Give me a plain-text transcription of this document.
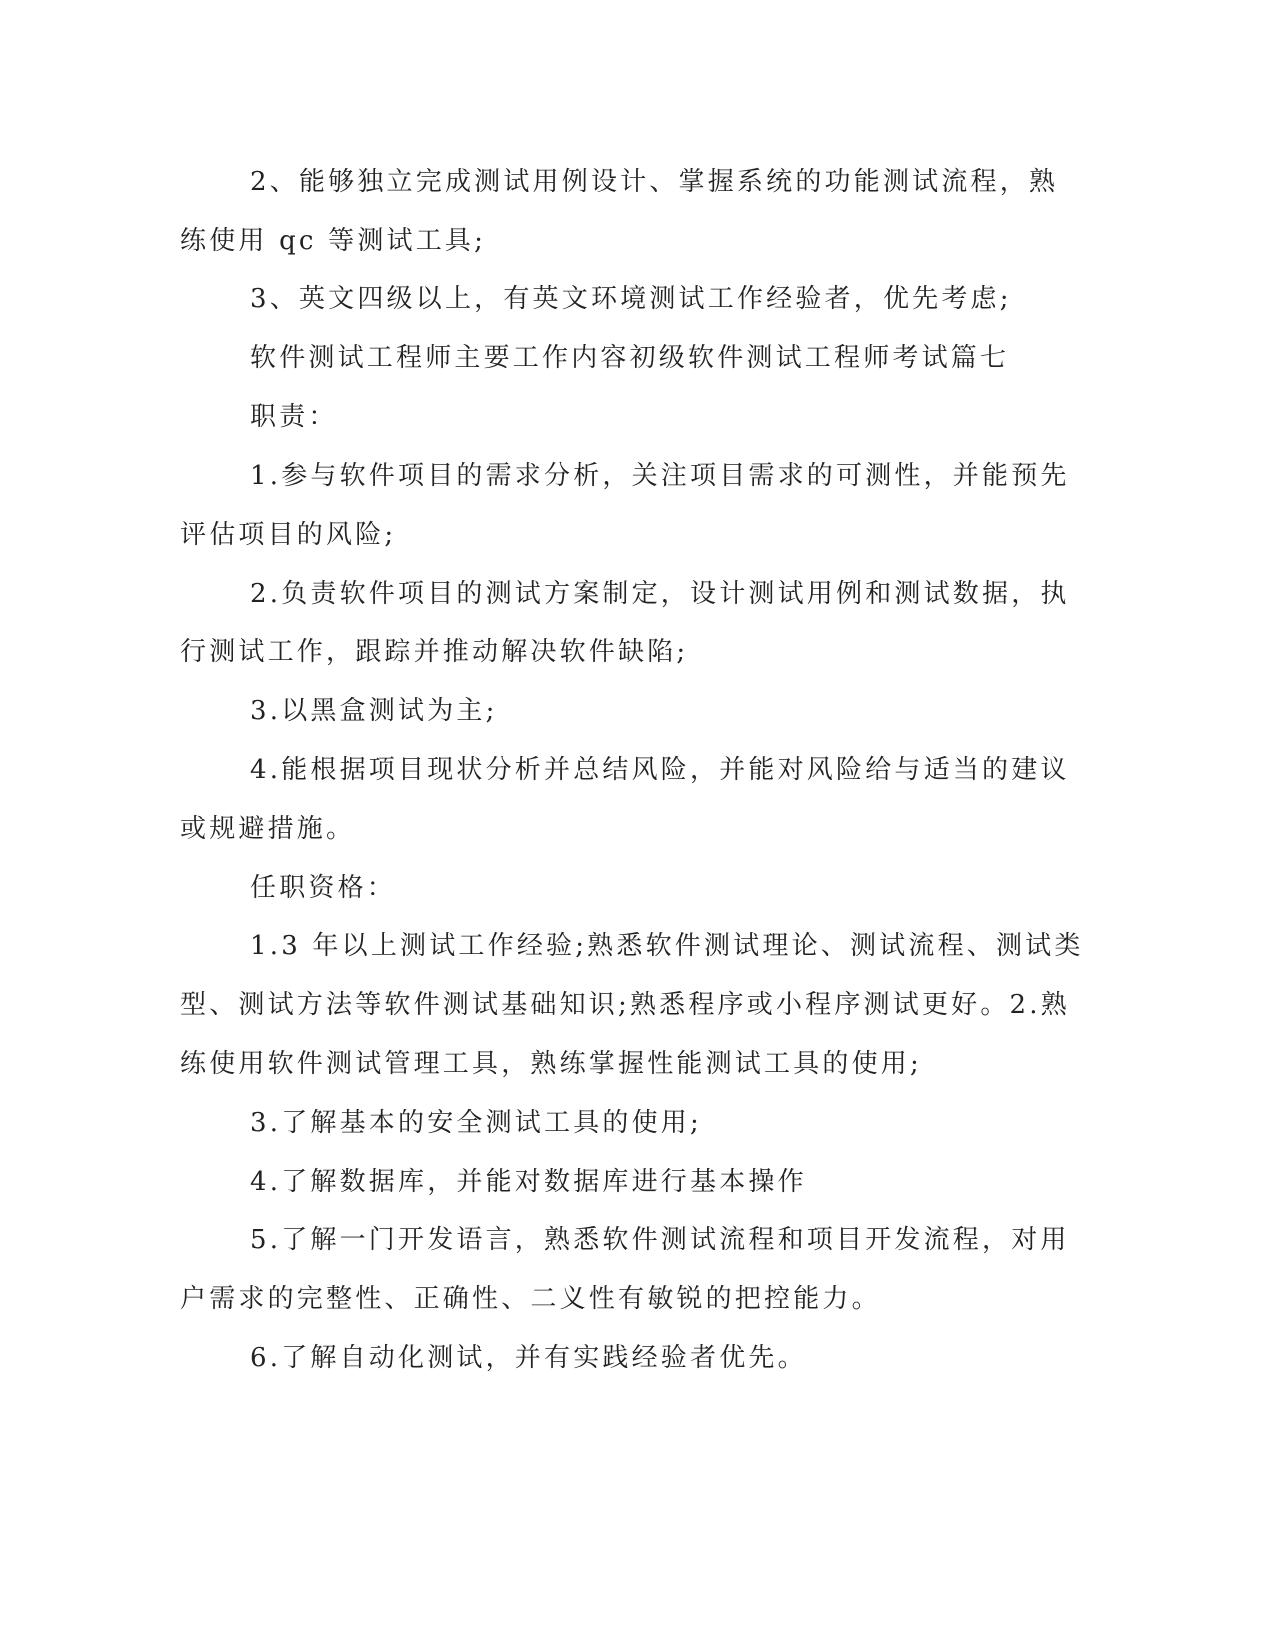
2、能够独立完成测试用例设计、掌握系统的功能测试流程，熟
练使用 qc 等测试工具;
3、英文四级以上，有英文环境测试工作经验者，优先考虑;
软件测试工程师主要工作内容初级软件测试工程师考试篇七
职责：
1.参与软件项目的需求分析，关注项目需求的可测性，并能预先
评估项目的风险;
2.负责软件项目的测试方案制定，设计测试用例和测试数据，执
行测试工作，跟踪并推动解决软件缺陷;
3.以黑盒测试为主;
4.能根据项目现状分析并总结风险，并能对风险给与适当的建议
或规避措施。
任职资格：
1.3 年以上测试工作经验;熟悉软件测试理论、测试流程、测试类
型、测试方法等软件测试基础知识;熟悉程序或小程序测试更好。2.熟
练使用软件测试管理工具，熟练掌握性能测试工具的使用;
3.了解基本的安全测试工具的使用;
4.了解数据库，并能对数据库进行基本操作
5.了解一门开发语言，熟悉软件测试流程和项目开发流程，对用
户需求的完整性、正确性、二义性有敏锐的把控能力。
6.了解自动化测试，并有实践经验者优先。
